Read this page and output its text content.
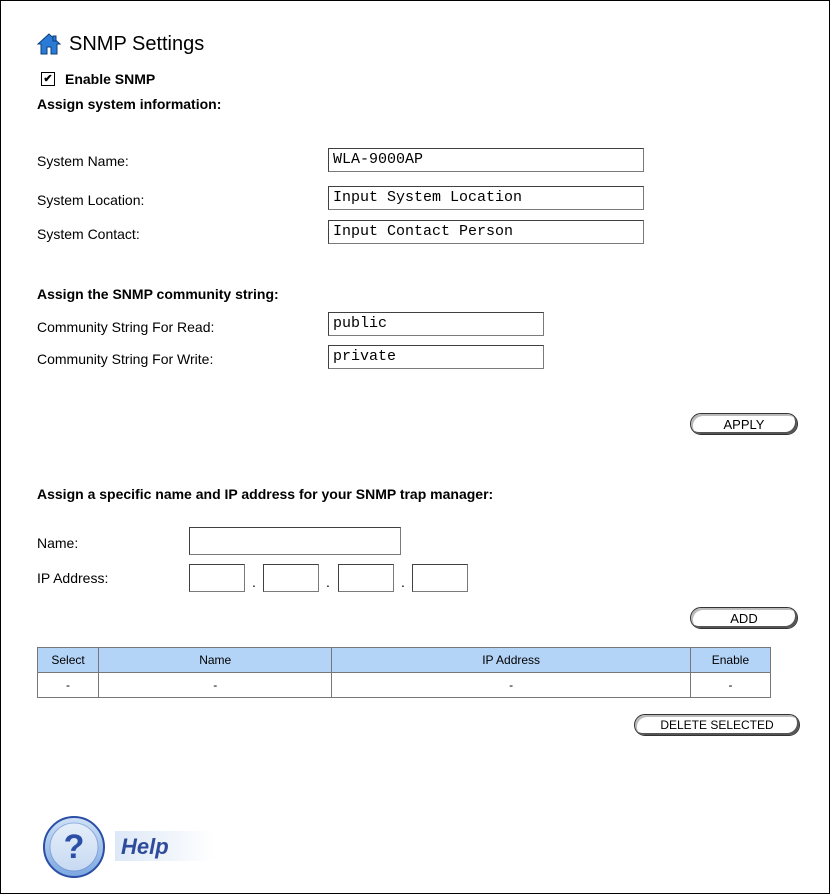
SNMP Settings
✔ Enable SNMP
Assign system information:
System Name:	WLA-9000AP
System Location:	Input System Location
System Contact:	Input Contact Person
Assign the SNMP community string:
Community String For Read:	public
Community String For Write:	private
APPLY
Assign a specific name and IP address for your SNMP trap manager:
Name:
IP Address:	.	.	.
ADD
Select	Name	IP Address	Enable
-	-	-	-
DELETE SELECTED
? Help
